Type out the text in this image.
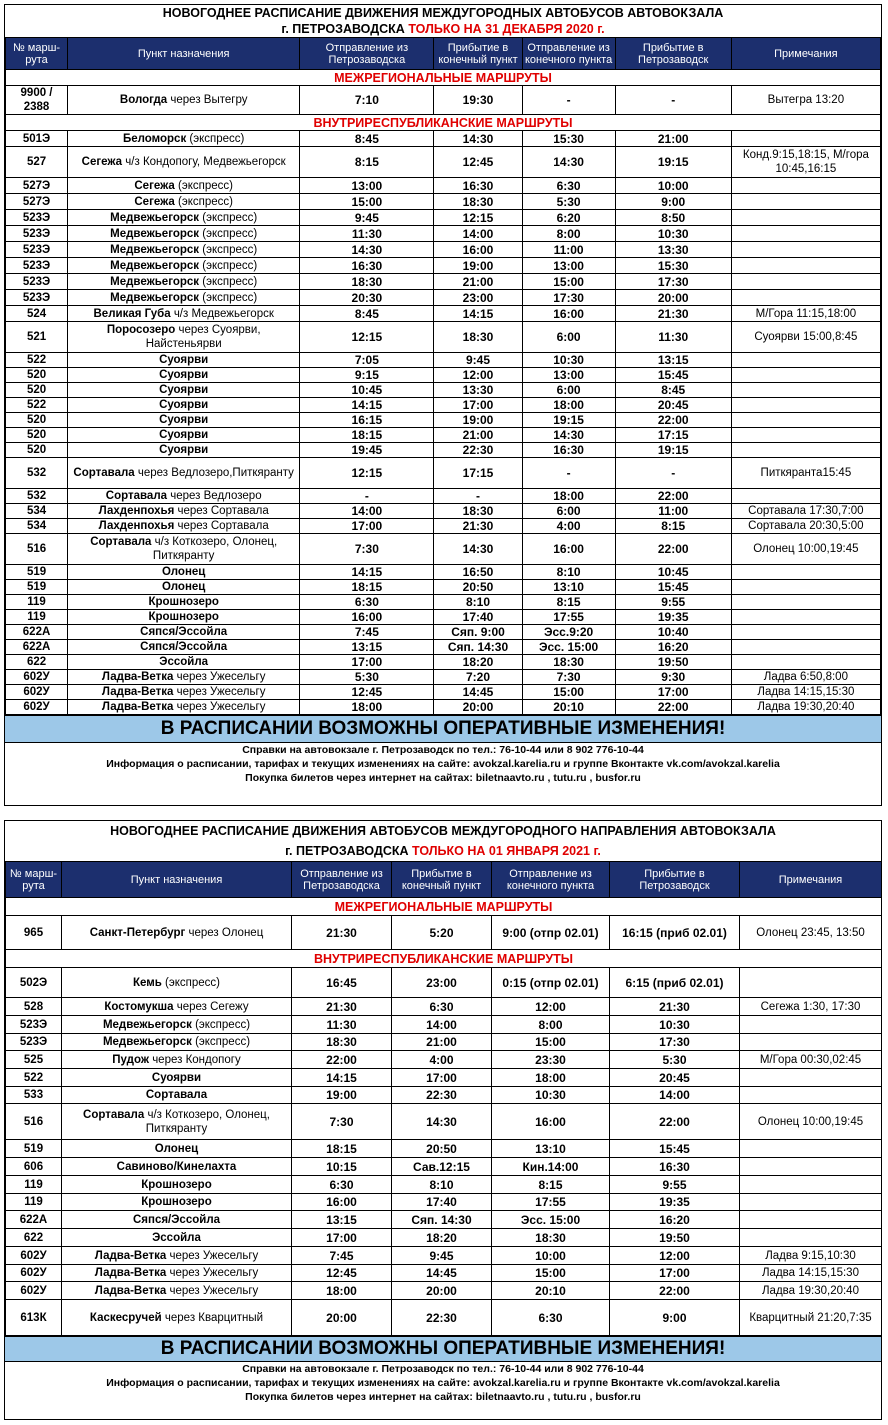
НОВОГОДНЕЕ РАСПИСАНИЕ ДВИЖЕНИЯ МЕЖДУГОРОДНЫХ АВТОБУСОВ АВТОВОКЗАЛА
г. ПЕТРОЗАВОДСКА ТОЛЬКО НА 31 ДЕКАБРЯ 2020 г.
№ марш-рута	Пункт назначения	Отправление из Петрозаводска	Прибытие в конечный пункт	Отправление из конечного пункта	Прибытие в Петрозаводск	Примечания
МЕЖРЕГИОНАЛЬНЫЕ МАРШРУТЫ						
9900 / 2388	Вологда через Вытегру	7:10	19:30	-	-	Вытегра 13:20
ВНУТРИРЕСПУБЛИКАНСКИЕ МАРШРУТЫ						
501Э	Беломорск (экспресс)	8:45	14:30	15:30	21:00	
527	Сегежа ч/з Кондопогу, Медвежьегорск	8:15	12:45	14:30	19:15	Конд.9:15,18:15, М/гора 10:45,16:15
527Э	Сегежа (экспресс)	13:00	16:30	6:30	10:00	
527Э	Сегежа (экспресс)	15:00	18:30	5:30	9:00	
523Э	Медвежьегорск (экспресс)	9:45	12:15	6:20	8:50	
523Э	Медвежьегорск (экспресс)	11:30	14:00	8:00	10:30	
523Э	Медвежьегорск (экспресс)	14:30	16:00	11:00	13:30	
523Э	Медвежьегорск (экспресс)	16:30	19:00	13:00	15:30	
523Э	Медвежьегорск (экспресс)	18:30	21:00	15:00	17:30	
523Э	Медвежьегорск (экспресс)	20:30	23:00	17:30	20:00	
524	Великая Губа ч/з Медвежьегорск	8:45	14:15	16:00	21:30	М/Гора 11:15,18:00
521	Поросозеро через Суоярви, Найстеньярви	12:15	18:30	6:00	11:30	Суоярви 15:00,8:45
522	Суоярви	7:05	9:45	10:30	13:15	
520	Суоярви	9:15	12:00	13:00	15:45	
520	Суоярви	10:45	13:30	6:00	8:45	
522	Суоярви	14:15	17:00	18:00	20:45	
520	Суоярви	16:15	19:00	19:15	22:00	
520	Суоярви	18:15	21:00	14:30	17:15	
520	Суоярви	19:45	22:30	16:30	19:15	
532	Сортавала через Ведлозеро,Питкяранту	12:15	17:15	-	-	Питкяранта15:45
532	Сортавала через Ведлозеро	-	-	18:00	22:00	
534	Лахденпохья через Сортавала	14:00	18:30	6:00	11:00	Сортавала 17:30,7:00
534	Лахденпохья через Сортавала	17:00	21:30	4:00	8:15	Сортавала 20:30,5:00
516	Сортавала ч/з Коткозеро, Олонец, Питкяранту	7:30	14:30	16:00	22:00	Олонец 10:00,19:45
519	Олонец	14:15	16:50	8:10	10:45	
519	Олонец	18:15	20:50	13:10	15:45	
119	Крошнозеро	6:30	8:10	8:15	9:55	
119	Крошнозеро	16:00	17:40	17:55	19:35	
622А	Сяпся/Эссойла	7:45	Сяп. 9:00	Эсс.9:20	10:40	
622А	Сяпся/Эссойла	13:15	Сяп. 14:30	Эсс. 15:00	16:20	
622	Эссойла	17:00	18:20	18:30	19:50	
602У	Ладва-Ветка через Ужесельгу	5:30	7:20	7:30	9:30	Ладва 6:50,8:00
602У	Ладва-Ветка через Ужесельгу	12:45	14:45	15:00	17:00	Ладва 14:15,15:30
602У	Ладва-Ветка через Ужесельгу	18:00	20:00	20:10	22:00	Ладва 19:30,20:40
В РАСПИСАНИИ ВОЗМОЖНЫ ОПЕРАТИВНЫЕ ИЗМЕНЕНИЯ!
Справки на автовокзале г. Петрозаводск по тел.: 76-10-44 или 8 902 776-10-44
Информация о расписании, тарифах и текущих изменениях на сайте: avokzal.karelia.ru и группе Вконтакте vk.com/avokzal.karelia
Покупка билетов через интернет на сайтах: biletnaavto.ru , tutu.ru , busfor.ru
НОВОГОДНЕЕ РАСПИСАНИЕ ДВИЖЕНИЯ АВТОБУСОВ МЕЖДУГОРОДНОГО НАПРАВЛЕНИЯ АВТОВОКЗАЛА
г. ПЕТРОЗАВОДСКА ТОЛЬКО НА 01 ЯНВАРЯ 2021 г.
№ марш-рута	Пункт назначения	Отправление из Петрозаводска	Прибытие в конечный пункт	Отправление из конечного пункта	Прибытие в Петрозаводск	Примечания
МЕЖРЕГИОНАЛЬНЫЕ МАРШРУТЫ						
965	Санкт-Петербург через Олонец	21:30	5:20	9:00 (отпр 02.01)	16:15 (приб 02.01)	Олонец 23:45, 13:50
ВНУТРИРЕСПУБЛИКАНСКИЕ МАРШРУТЫ						
502Э	Кемь (экспресс)	16:45	23:00	0:15 (отпр 02.01)	6:15 (приб 02.01)	
528	Костомукша через Сегежу	21:30	6:30	12:00	21:30	Сегежа 1:30, 17:30
523Э	Медвежьегорск (экспресс)	11:30	14:00	8:00	10:30	
523Э	Медвежьегорск (экспресс)	18:30	21:00	15:00	17:30	
525	Пудож через Кондопогу	22:00	4:00	23:30	5:30	М/Гора 00:30,02:45
522	Суоярви	14:15	17:00	18:00	20:45	
533	Сортавала	19:00	22:30	10:30	14:00	
516	Сортавала ч/з Коткозеро, Олонец, Питкяранту	7:30	14:30	16:00	22:00	Олонец 10:00,19:45
519	Олонец	18:15	20:50	13:10	15:45	
606	Савиново/Кинелахта	10:15	Сав.12:15	Кин.14:00	16:30	
119	Крошнозеро	6:30	8:10	8:15	9:55	
119	Крошнозеро	16:00	17:40	17:55	19:35	
622А	Сяпся/Эссойла	13:15	Сяп. 14:30	Эсс. 15:00	16:20	
622	Эссойла	17:00	18:20	18:30	19:50	
602У	Ладва-Ветка через Ужесельгу	7:45	9:45	10:00	12:00	Ладва 9:15,10:30
602У	Ладва-Ветка через Ужесельгу	12:45	14:45	15:00	17:00	Ладва 14:15,15:30
602У	Ладва-Ветка через Ужесельгу	18:00	20:00	20:10	22:00	Ладва 19:30,20:40
613К	Каскесручей через Кварцитный	20:00	22:30	6:30	9:00	Кварцитный 21:20,7:35
В РАСПИСАНИИ ВОЗМОЖНЫ ОПЕРАТИВНЫЕ ИЗМЕНЕНИЯ!
Справки на автовокзале г. Петрозаводск по тел.: 76-10-44 или 8 902 776-10-44
Информация о расписании, тарифах и текущих изменениях на сайте: avokzal.karelia.ru и группе Вконтакте vk.com/avokzal.karelia
Покупка билетов через интернет на сайтах: biletnaavto.ru , tutu.ru , busfor.ru
